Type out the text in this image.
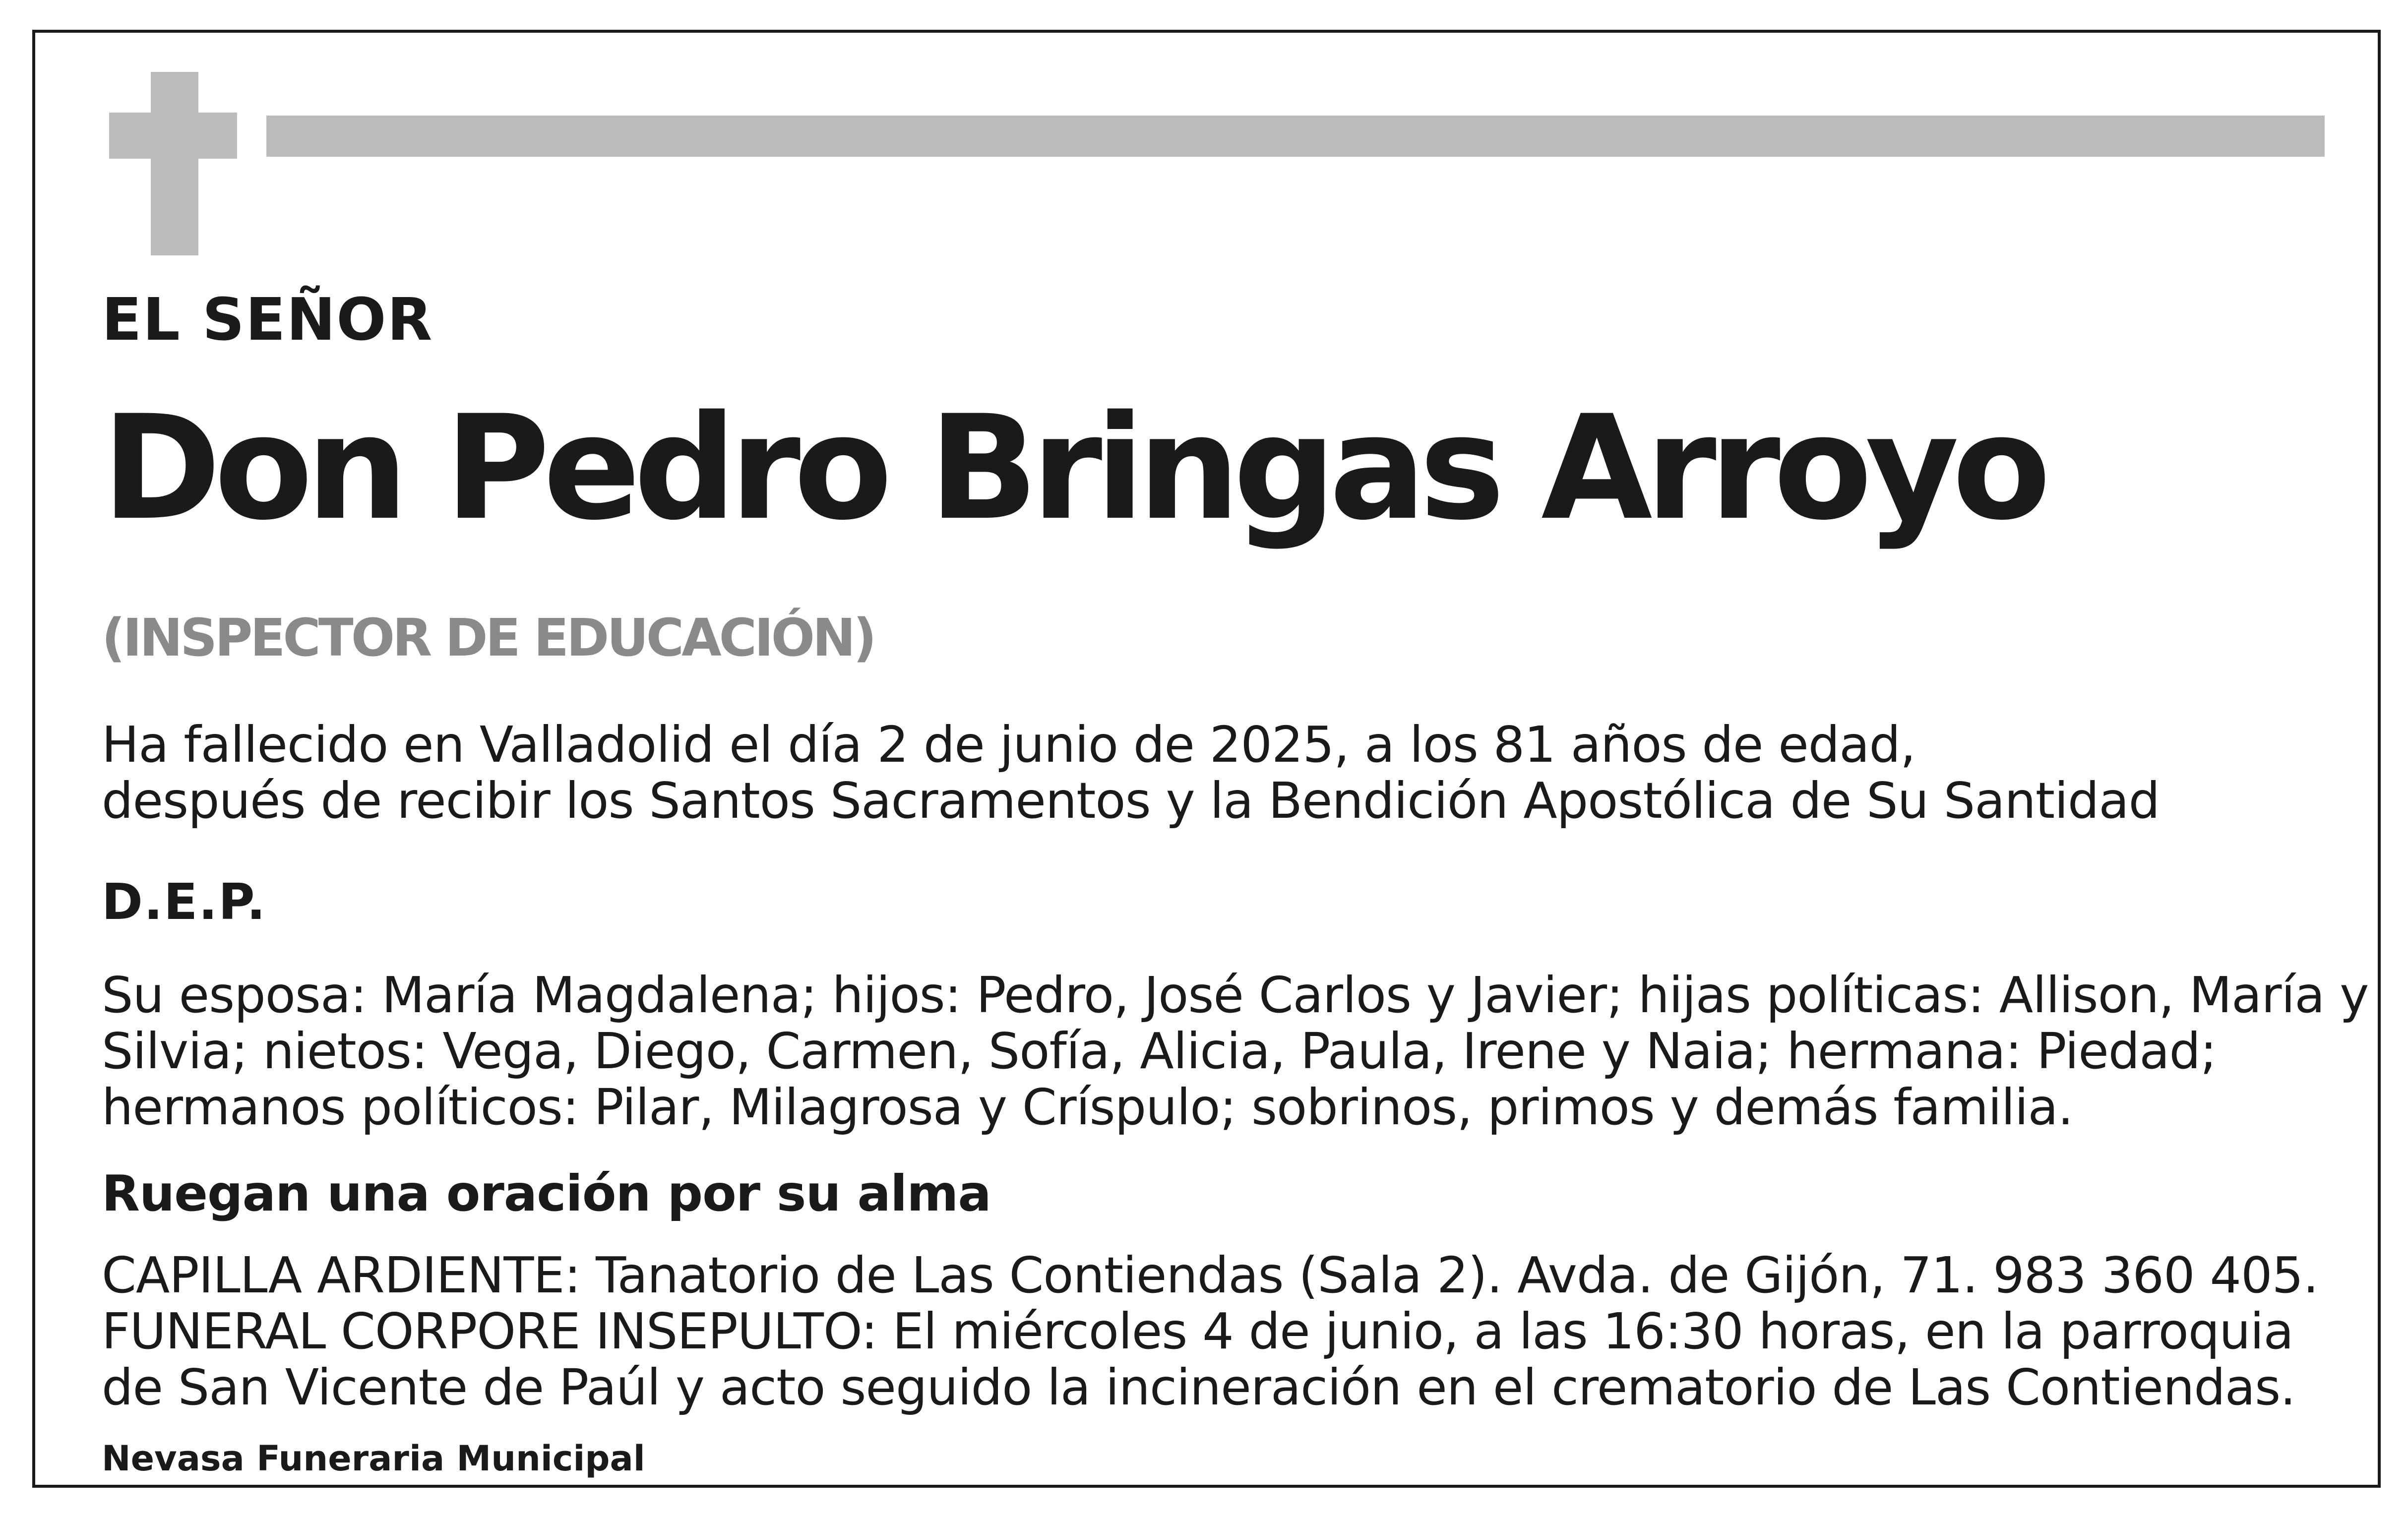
EL SEÑOR
Don Pedro Bringas Arroyo
(INSPECTOR DE EDUCACIÓN)
Ha fallecido en Valladolid el día 2 de junio de 2025, a los 81 años de edad,
después de recibir los Santos Sacramentos y la Bendición Apostólica de Su Santidad
D.E.P.
Su esposa: María Magdalena; hijos: Pedro, José Carlos y Javier; hijas políticas: Allison, María y
Silvia; nietos: Vega, Diego, Carmen, Sofía, Alicia, Paula, Irene y Naia; hermana: Piedad;
hermanos políticos: Pilar, Milagrosa y Críspulo; sobrinos, primos y demás familia.
Ruegan una oración por su alma
CAPILLA ARDIENTE: Tanatorio de Las Contiendas (Sala 2). Avda. de Gijón, 71. 983 360 405.
FUNERAL CORPORE INSEPULTO: El miércoles 4 de junio, a las 16:30 horas, en la parroquia
de San Vicente de Paúl y acto seguido la incineración en el crematorio de Las Contiendas.
Nevasa Funeraria Municipal
